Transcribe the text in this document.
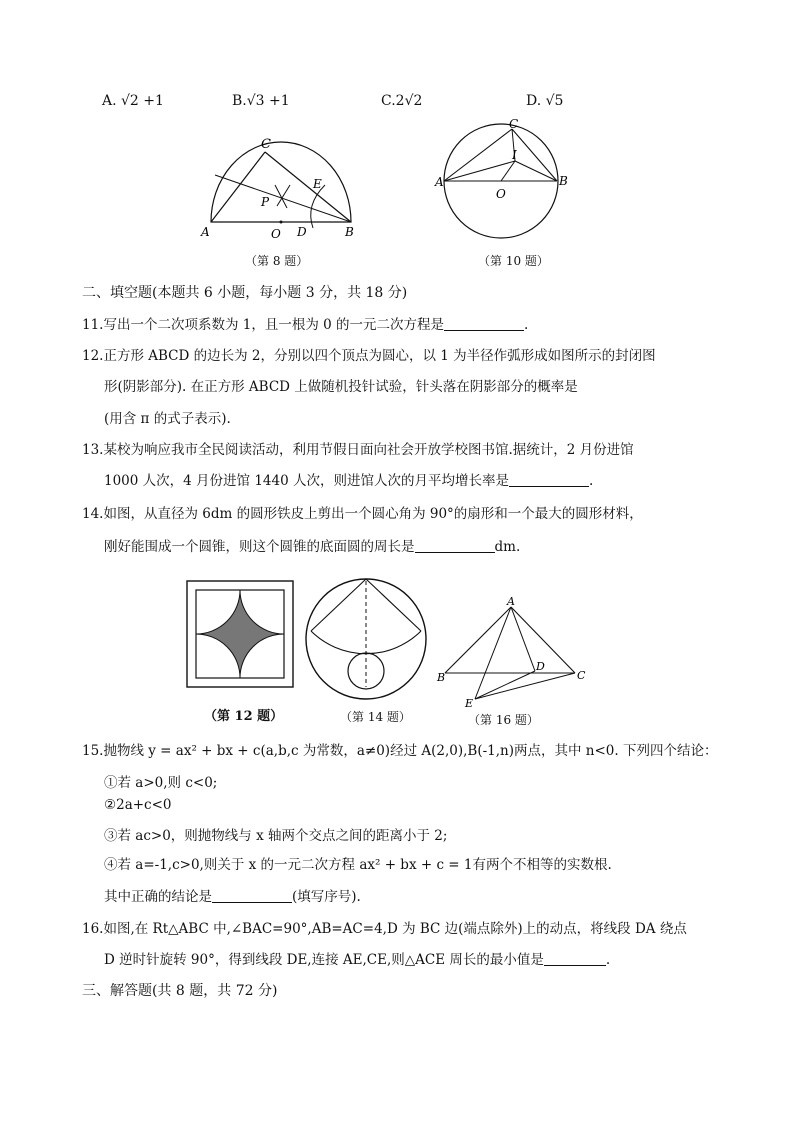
A. √2 +1	B.√3 +1	C.2√2	D. √5
C
E
P
A	O D	B
（第 8 题）
C
I
A
O
B
（第 10 题）
二、填空题(本题共 6 小题，每小题 3 分，共 18 分)
11.写出一个二次项系数为 1，且一根为 0 的一元二次方程是	.
12.正方形 ABCD 的边长为 2，分别以四个顶点为圆心，以 1 为半径作弧形成如图所示的封闭图
形(阴影部分). 在正方形 ABCD 上做随机投针试验，针头落在阴影部分的概率是
(用含 π 的式子表示).
13.某校为响应我市全民阅读活动，利用节假日面向社会开放学校图书馆.据统计，2 月份进馆
1000 人次，4 月份进馆 1440 人次，则进馆人次的月平均增长率是	.
14.如图，从直径为 6dm 的圆形铁皮上剪出一个圆心角为 90°的扇形和一个最大的圆形材料，
刚好能围成一个圆锥，则这个圆锥的底面圆的周长是	dm.
（第 12 题）	（第 14 题）
A
D
B	C
E
（第 16 题）
15.抛物线 y = ax² + bx + c(a,b,c 为常数，a≠0)经过 A(2,0),B(-1,n)两点，其中 n<0. 下列四个结论：
①若 a>0,则 c<0;
②2a+c<0
③若 ac>0，则抛物线与 x 轴两个交点之间的距离小于 2;
④若 a=-1,c>0,则关于 x 的一元二次方程 ax² + bx + c = 1有两个不相等的实数根.
其中正确的结论是	(填写序号).
16.如图,在 Rt△ABC 中,∠BAC=90°,AB=AC=4,D 为 BC 边(端点除外)上的动点，将线段 DA 绕点
D 逆时针旋转 90°，得到线段 DE,连接 AE,CE,则△ACE 周长的最小值是	.
三、解答题(共 8 题，共 72 分)
